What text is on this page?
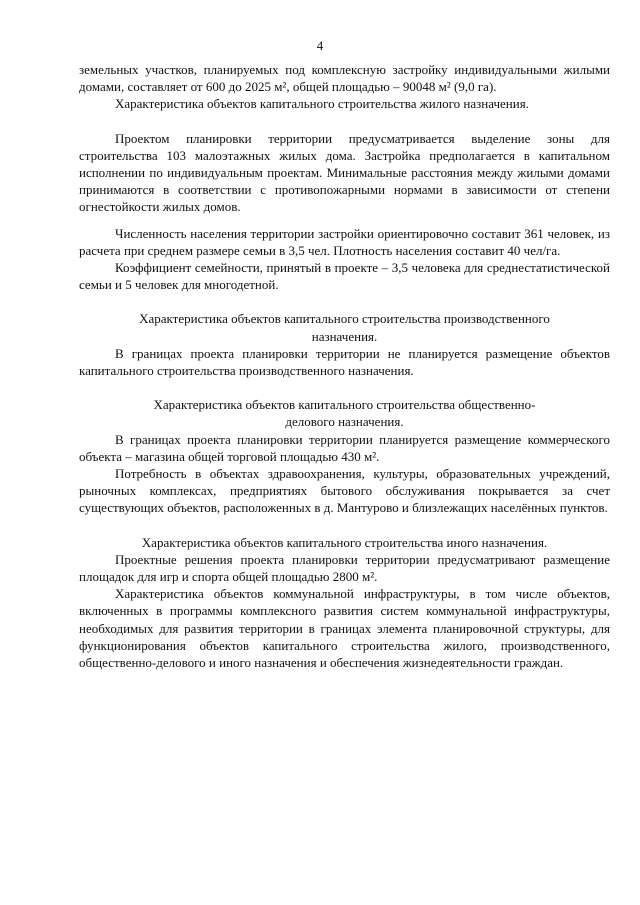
4

земельных участков, планируемых под комплексную застройку индивидуальными жилыми домами, составляет от 600 до 2025 м², общей площадью – 90048 м² (9,0 га).

Характеристика объектов капитального строительства жилого назначения.

Проектом планировки территории предусматривается выделение зоны для строительства 103 малоэтажных жилых дома. Застройка предполагается в капитальном исполнении по индивидуальным проектам. Минимальные расстояния между жилыми домами принимаются в соответствии с противопожарными нормами в зависимости от степени огнестойкости жилых домов.

Численность населения территории застройки ориентировочно составит 361 человек, из расчета при среднем размере семьи в 3,5 чел. Плотность населения составит 40 чел/га.

Коэффициент семейности, принятый в проекте – 3,5 человека для среднестатистической семьи и 5 человек для многодетной.

Характеристика объектов капитального строительства производственного
назначения.

В границах проекта планировки территории не планируется размещение объектов капитального строительства производственного назначения.

Характеристика объектов капитального строительства общественно-
делового назначения.

В границах проекта планировки территории планируется размещение коммерческого объекта – магазина общей торговой площадью 430 м².

Потребность в объектах здравоохранения, культуры, образовательных учреждений, рыночных комплексах, предприятиях бытового обслуживания покрывается за счет существующих объектов, расположенных в д. Мантурово и близлежащих населённых пунктов.

Характеристика объектов капитального строительства иного назначения.

Проектные решения проекта планировки территории предусматривают размещение площадок для игр и спорта общей площадью 2800 м².

Характеристика объектов коммунальной инфраструктуры, в том числе объектов, включенных в программы комплексного развития систем коммунальной инфраструктуры, необходимых для развития территории в границах элемента планировочной структуры, для функционирования объектов капитального строительства жилого, производственного, общественно-делового и иного назначения и обеспечения жизнедеятельности граждан.
